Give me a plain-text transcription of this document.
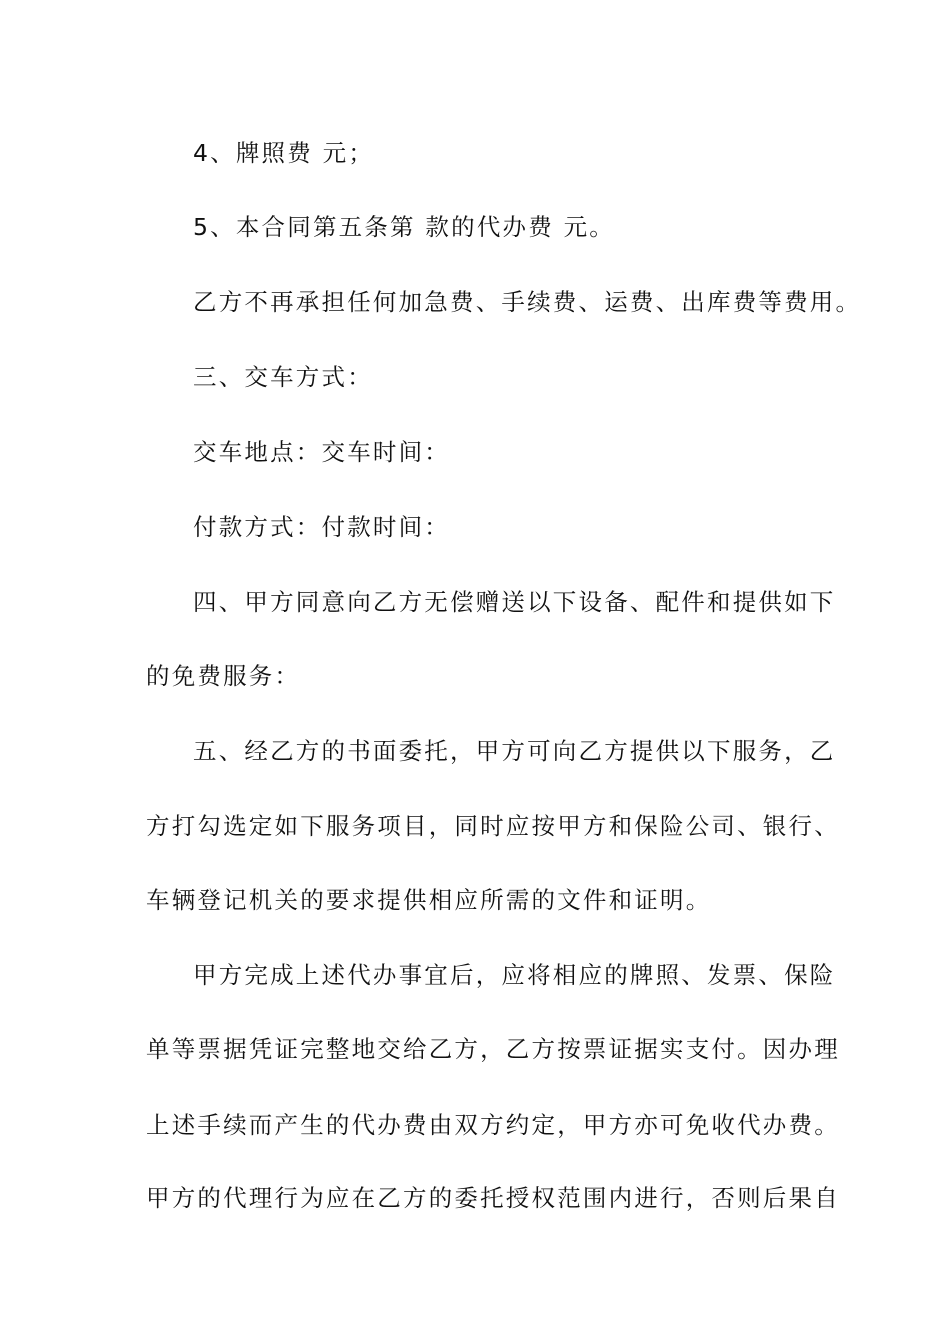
4、牌照费 元；
5、本合同第五条第 款的代办费 元。
乙方不再承担任何加急费、手续费、运费、出库费等费用。
三、交车方式：
交车地点：交车时间：
付款方式：付款时间：
四、甲方同意向乙方无偿赠送以下设备、配件和提供如下
的免费服务：
五、经乙方的书面委托，甲方可向乙方提供以下服务，乙
方打勾选定如下服务项目，同时应按甲方和保险公司、银行、
车辆登记机关的要求提供相应所需的文件和证明。
甲方完成上述代办事宜后，应将相应的牌照、发票、保险
单等票据凭证完整地交给乙方，乙方按票证据实支付。因办理
上述手续而产生的代办费由双方约定，甲方亦可免收代办费。
甲方的代理行为应在乙方的委托授权范围内进行，否则后果自
